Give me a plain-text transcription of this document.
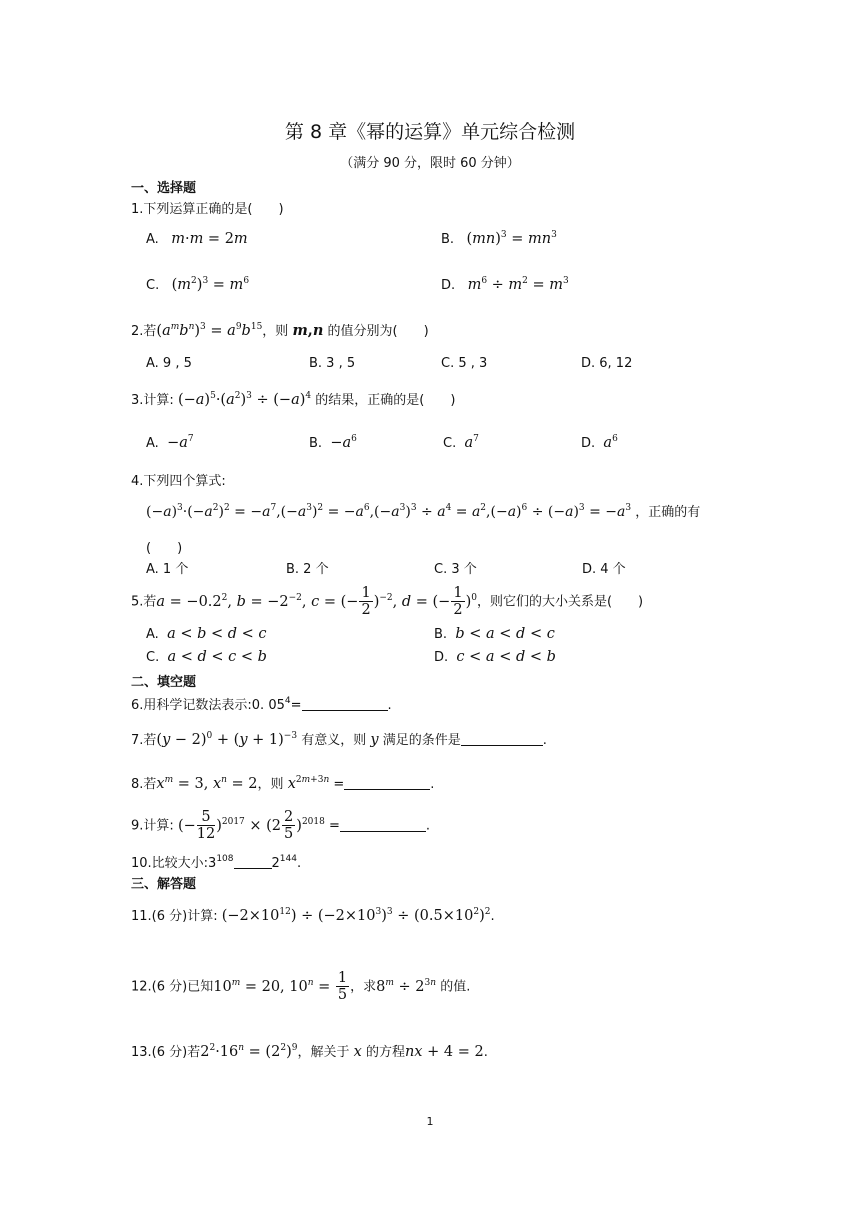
第 8 章《幂的运算》单元综合检测
（满分 90 分，限时 60 分钟）
一、选择题
1.下列运算正确的是(　　)
A. m·m = 2m	B. $(mn)^3 = mn^3$
C. $(m^2)^3 = m^6$	D. $m^6 \div m^2 = m^3$
2.若$(a^mb^n)^3 = a^9b^{15}$，则 m,n 的值分别为(　　)
A. 9 , 5	B. 3 , 5	C. 5 , 3	D. 6, 12
3.计算: $(-a)^5\cdot(a^2)^3 \div (-a)^4$ 的结果，正确的是(　　)
A. $-a^7$	B. $-a^6$	C. $a^7$	D. $a^6$
4.下列四个算式:
$(-a)^3\cdot(-a^2)^2 = -a^7,(-a^3)^2 = -a^6,(-a^3)^3 \div a^4 = a^2,(-a)^6 \div (-a)^3 = -a^3$ ，正确的有
(　　)
A. 1 个	B. 2 个	C. 3 个	D. 4 个
5.若$a = -0.2^2$, $b = -2^{-2}$, c = (− $\frac{1}{2} )^{-2}$, d = (− $\frac{1}{2} )^0$，则它们的大小关系是(　　)
A. a < b < d < c	B. b < a < d < c
C. a < d < c < b	D. c < a < d < b
二、填空题
6.用科学记数法表示:0. $05^4=$	.
7.若$(y - 2)^0 + (y + 1)^{-3}$ 有意义，则 y 满足的条件是	.
8.若$x^m = 3$, $x^n = 2$，则 $x^{2m+3n}$ =	.
9.计算: (− $\frac{5}{12} )^{2017} \times (2 \frac{2}{5} )^{2018}$ =	.
10.比较大小$:3^{108}$	$2^{144}$.
三、解答题
11.(6 分)计算: $(-2\times 10^{12}) \div (-2\times 10^3)^3 \div (0.5\times 10^2)^2$.
12.(6 分)已知$10^m = 20$, $10^n = \frac{1}{5}$ ，求$8^m \div 2^{3n}$ 的值.
13.(6 分)若$2^2\cdot 16^n = (2^2)^9$，解关于 x 的方程nx + 4 = 2.
1
